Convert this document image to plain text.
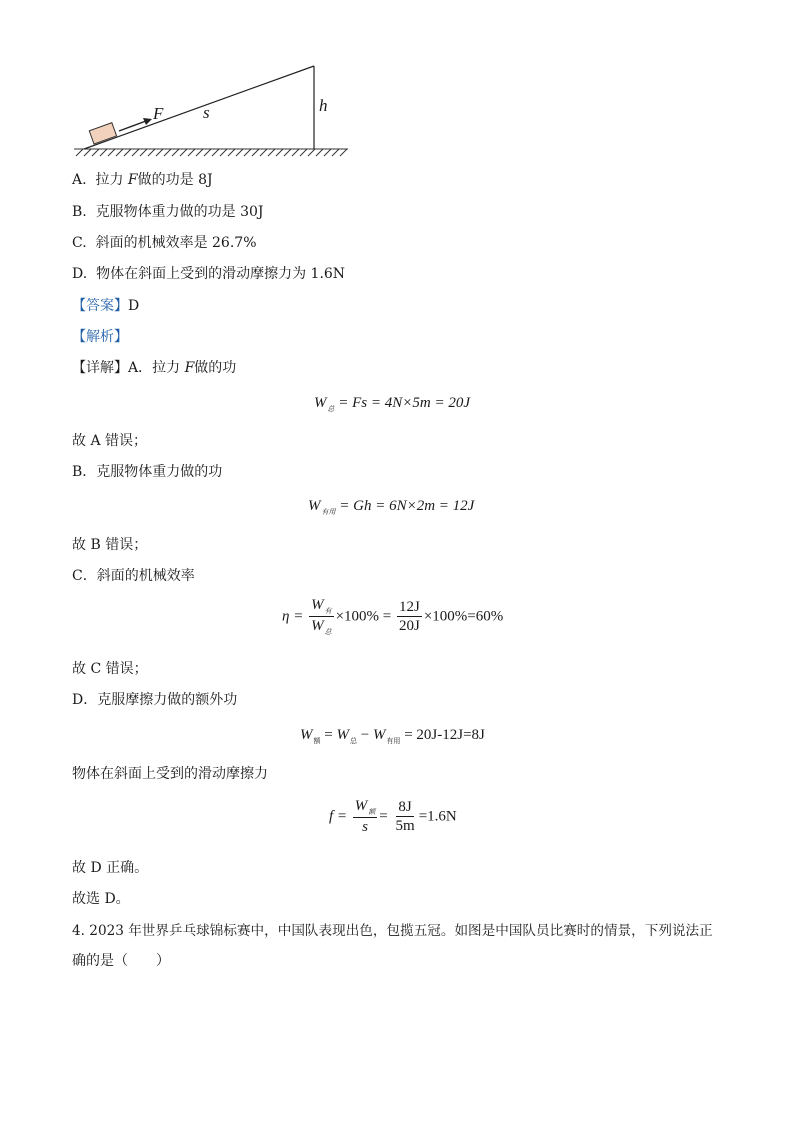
F s	h
A. 拉力 F做的功是 8J
B. 克服物体重力做的功是 30J
C. 斜面的机械效率是 26.7%
D. 物体在斜面上受到的滑动摩擦力为 1.6N
【答案】D
【解析】
【详解】A．拉力 F做的功
$W_总 = Fs = 4N\times 5m = 20J$
故 A 错误；
B．克服物体重力做的功
$W_{有用} = Gh = 6N\times 2m = 12J$
故 B 错误；
C．斜面的机械效率
$\eta = \frac{W_有}{W_总} \times 100\% = \frac{12J}{20J} \times 100\%=60\%$
故 C 错误；
D．克服摩擦力做的额外功
$W_额 = W_总 - W_{有用} = 20J-12J=8J$
物体在斜面上受到的滑动摩擦力
$f = \frac{W_额}{s} = \frac{8J}{5m} =1.6N$
故 D 正确。
故选 D。
4. 2023 年世界乒乓球锦标赛中，中国队表现出色，包揽五冠。如图是中国队员比赛时的情景，下列说法正
确的是（　　）
